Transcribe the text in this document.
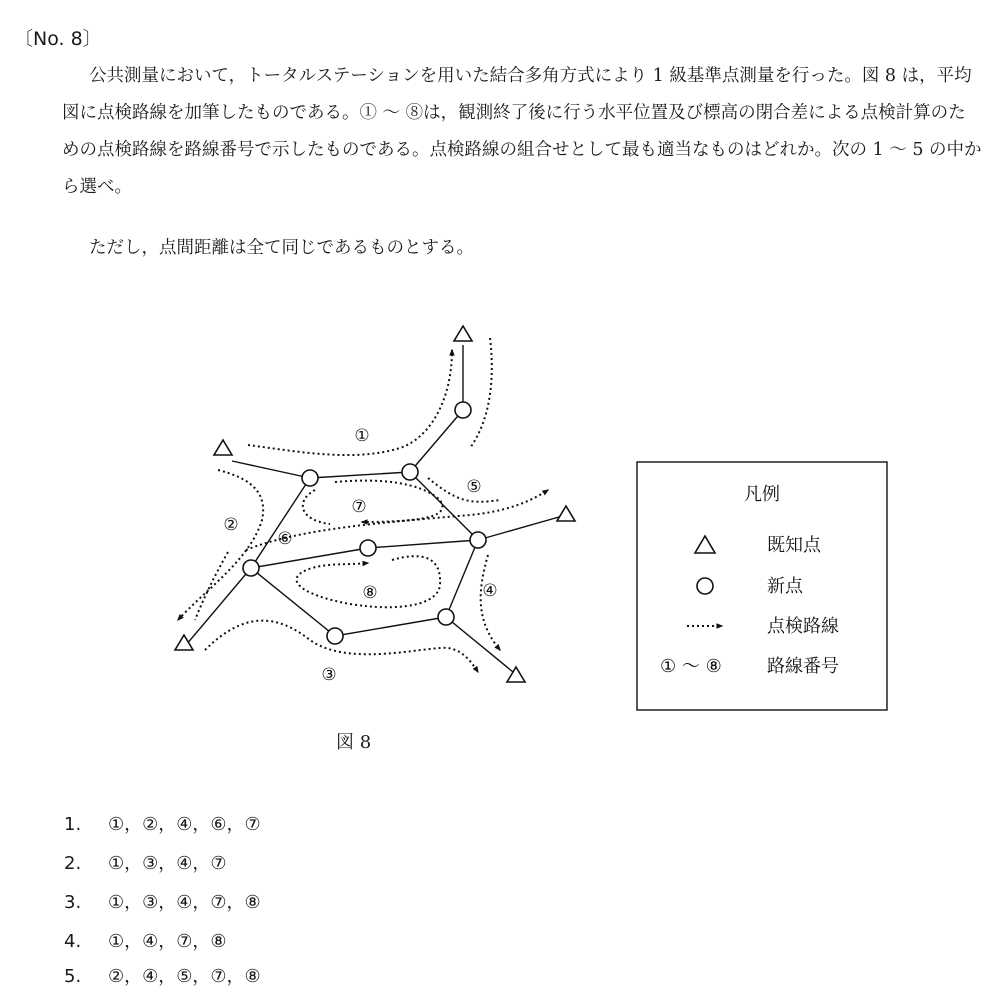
〔No. 8〕

公共測量において，トータルステーションを用いた結合多角方式により 1 級基準点測量を行った。図 8 は，平均図に点検路線を加筆したものである。① ～ ⑧は，観測終了後に行う水平位置及び標高の閉合差による点検計算のための点検路線を路線番号で示したものである。点検路線の組合せとして最も適当なものはどれか。次の 1 ～ 5 の中から選べ。

ただし，点間距離は全て同じであるものとする。

①
②
③
④
⑤
⑥
⑦
⑧
凡例
既知点
新点
点検路線
① ～ ⑧	路線番号
図 8
1. ①，②，④，⑥，⑦
2. ①，③，④，⑦
3. ①，③，④，⑦，⑧
4. ①，④，⑦，⑧
5. ②，④，⑤，⑦，⑧
